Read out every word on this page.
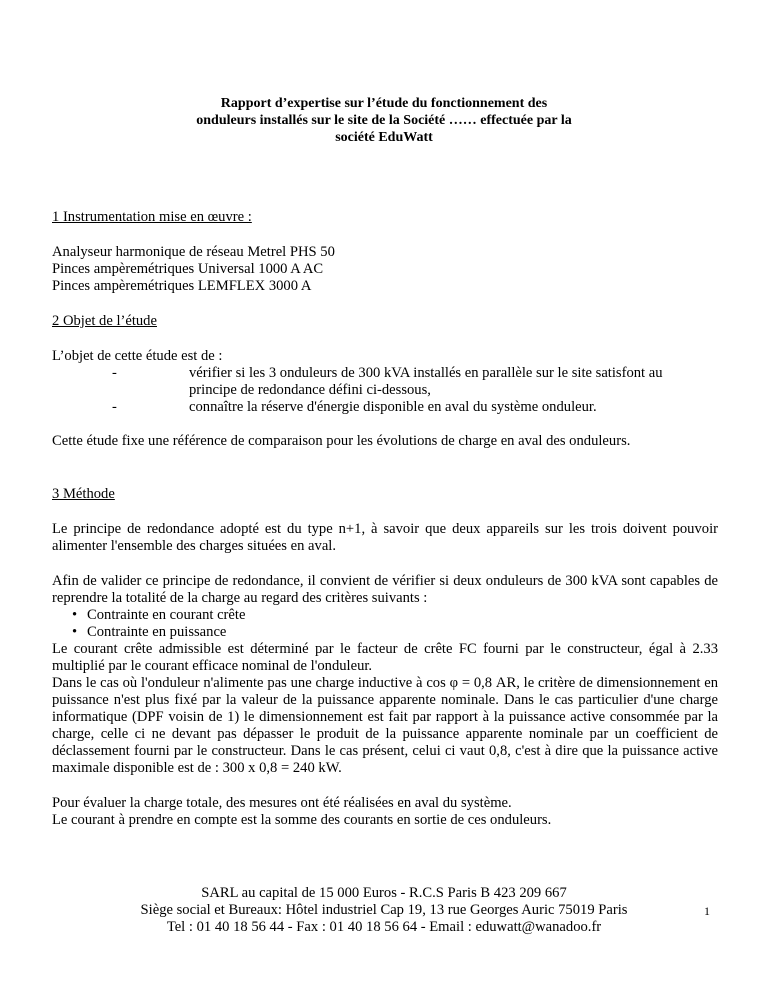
Rapport d’expertise sur l’étude du fonctionnement des
onduleurs installés sur le site de la Société …… effectuée par la
société EduWatt
1 Instrumentation mise en œuvre :
Analyseur harmonique de réseau Metrel PHS 50
Pinces ampèremétriques Universal 1000 A AC
Pinces ampèremétriques LEMFLEX 3000 A
2 Objet de l’étude
L’objet de cette étude est de :
-	vérifier si les 3 onduleurs de 300 kVA installés en parallèle sur le site satisfont au
principe de redondance défini ci-dessous,
-	connaître la réserve d'énergie disponible en aval du système onduleur.
Cette étude fixe une référence de comparaison pour les évolutions de charge en aval des onduleurs.
3 Méthode
Le principe de redondance adopté est du type n+1, à savoir que deux appareils sur les trois doivent pouvoir alimenter l'ensemble des charges situées en aval.
Afin de valider ce principe de redondance, il convient de vérifier si deux onduleurs de 300 kVA sont capables de reprendre la totalité de la charge au regard des critères suivants :
• Contrainte en courant crête
• Contrainte en puissance
Le courant crête admissible est déterminé par le facteur de crête FC fourni par le constructeur, égal à 2.33 multiplié par le courant efficace nominal de l'onduleur.
Dans le cas où l'onduleur n'alimente pas une charge inductive à cos φ = 0,8 AR, le critère de dimensionnement en puissance n'est plus fixé par la valeur de la puissance apparente nominale. Dans le cas particulier d'une charge informatique (DPF voisin de 1) le dimensionnement est fait par rapport à la puissance active consommée par la charge, celle ci ne devant pas dépasser le produit de la puissance apparente nominale par un coefficient de déclassement fourni par le constructeur. Dans le cas présent, celui ci vaut 0,8, c'est à dire que la puissance active maximale disponible est de : 300 x 0,8 = 240 kW.
Pour évaluer la charge totale, des mesures ont été réalisées en aval du système.
Le courant à prendre en compte est la somme des courants en sortie de ces onduleurs.
SARL au capital de 15 000 Euros - R.C.S Paris B 423 209 667
Siège social et Bureaux: Hôtel industriel Cap 19, 13 rue Georges Auric 75019 Paris
Tel : 01 40 18 56 44 - Fax : 01 40 18 56 64 - Email : eduwatt@wanadoo.fr
1
